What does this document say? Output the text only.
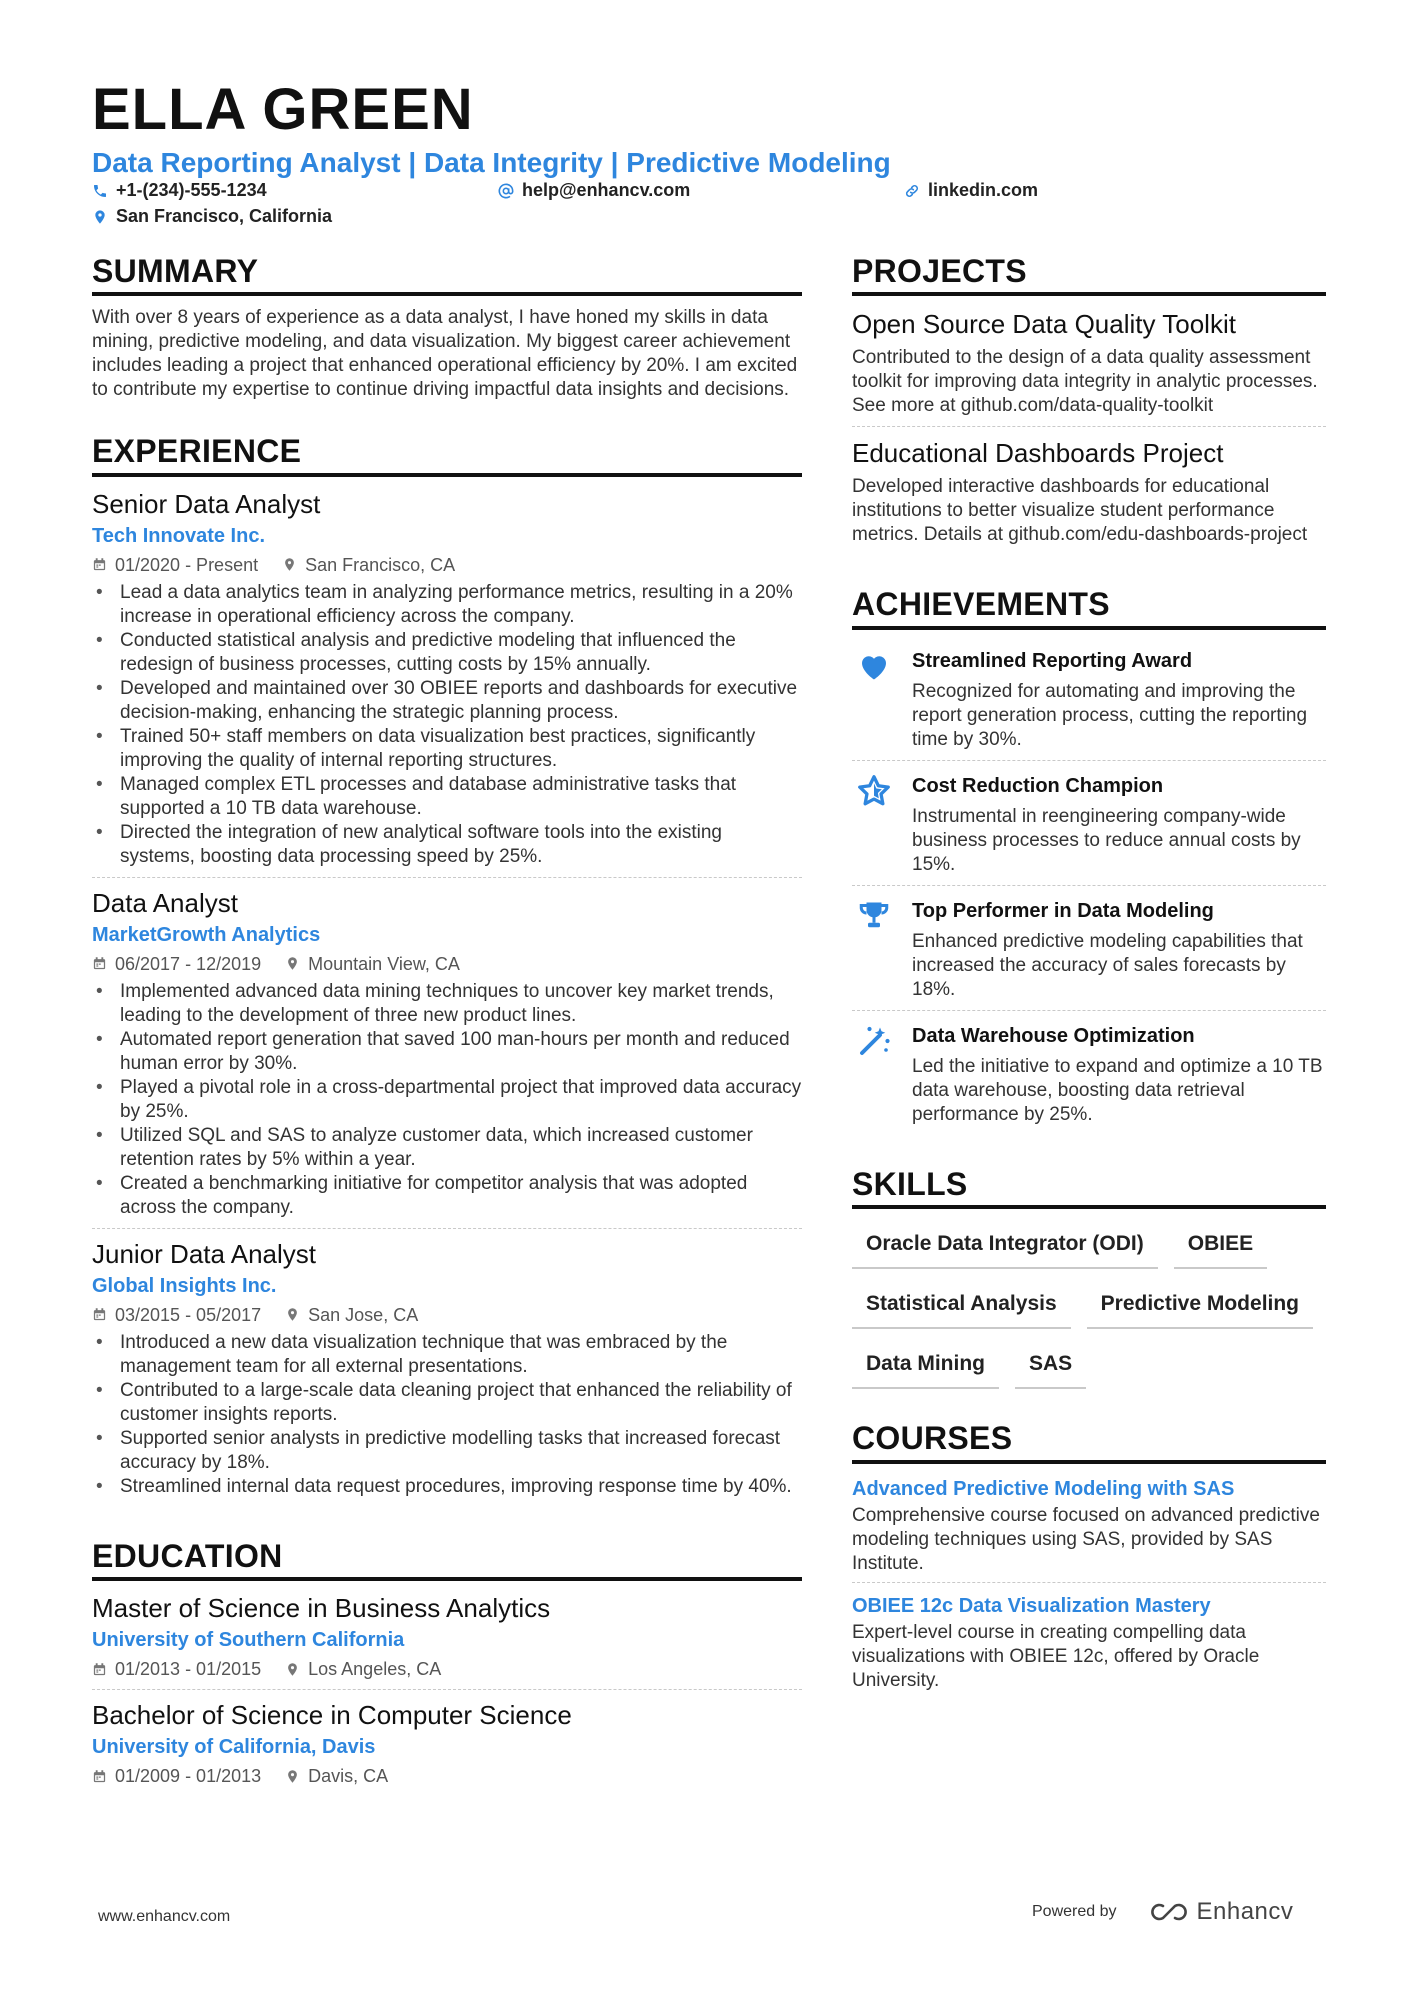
ELLA GREEN
Data Reporting Analyst | Data Integrity | Predictive Modeling
+1-(234)-555-1234	help@enhancv.com	linkedin.com
San Francisco, California
SUMMARY
With over 8 years of experience as a data analyst, I have honed my skills in data mining, predictive modeling, and data visualization. My biggest career achievement includes leading a project that enhanced operational efficiency by 20%. I am excited to contribute my expertise to continue driving impactful data insights and decisions.
EXPERIENCE
Senior Data Analyst
Tech Innovate Inc.
01/2020 - Present	San Francisco, CA
• Lead a data analytics team in analyzing performance metrics, resulting in a 20% increase in operational efficiency across the company.
• Conducted statistical analysis and predictive modeling that influenced the redesign of business processes, cutting costs by 15% annually.
• Developed and maintained over 30 OBIEE reports and dashboards for executive decision-making, enhancing the strategic planning process.
• Trained 50+ staff members on data visualization best practices, significantly improving the quality of internal reporting structures.
• Managed complex ETL processes and database administrative tasks that supported a 10 TB data warehouse.
• Directed the integration of new analytical software tools into the existing systems, boosting data processing speed by 25%.
Data Analyst
MarketGrowth Analytics
06/2017 - 12/2019	Mountain View, CA
• Implemented advanced data mining techniques to uncover key market trends, leading to the development of three new product lines.
• Automated report generation that saved 100 man-hours per month and reduced human error by 30%.
• Played a pivotal role in a cross-departmental project that improved data accuracy by 25%.
• Utilized SQL and SAS to analyze customer data, which increased customer retention rates by 5% within a year.
• Created a benchmarking initiative for competitor analysis that was adopted across the company.
Junior Data Analyst
Global Insights Inc.
03/2015 - 05/2017	San Jose, CA
• Introduced a new data visualization technique that was embraced by the management team for all external presentations.
• Contributed to a large-scale data cleaning project that enhanced the reliability of customer insights reports.
• Supported senior analysts in predictive modelling tasks that increased forecast accuracy by 18%.
• Streamlined internal data request procedures, improving response time by 40%.
EDUCATION
Master of Science in Business Analytics
University of Southern California
01/2013 - 01/2015	Los Angeles, CA
Bachelor of Science in Computer Science
University of California, Davis
01/2009 - 01/2013	Davis, CA
PROJECTS
Open Source Data Quality Toolkit
Contributed to the design of a data quality assessment toolkit for improving data integrity in analytic processes. See more at github.com/data-quality-toolkit
Educational Dashboards Project
Developed interactive dashboards for educational institutions to better visualize student performance metrics. Details at github.com/edu-dashboards-project
ACHIEVEMENTS
Streamlined Reporting Award
Recognized for automating and improving the report generation process, cutting the reporting time by 30%.
Cost Reduction Champion
Instrumental in reengineering company-wide business processes to reduce annual costs by 15%.
Top Performer in Data Modeling
Enhanced predictive modeling capabilities that increased the accuracy of sales forecasts by 18%.
Data Warehouse Optimization
Led the initiative to expand and optimize a 10 TB data warehouse, boosting data retrieval performance by 25%.
SKILLS
Oracle Data Integrator (ODI)	OBIEE
Statistical Analysis	Predictive Modeling
Data Mining	SAS
COURSES
Advanced Predictive Modeling with SAS
Comprehensive course focused on advanced predictive modeling techniques using SAS, provided by SAS Institute.
OBIEE 12c Data Visualization Mastery
Expert-level course in creating compelling data visualizations with OBIEE 12c, offered by Oracle University.
www.enhancv.com	Powered by	Enhancv
